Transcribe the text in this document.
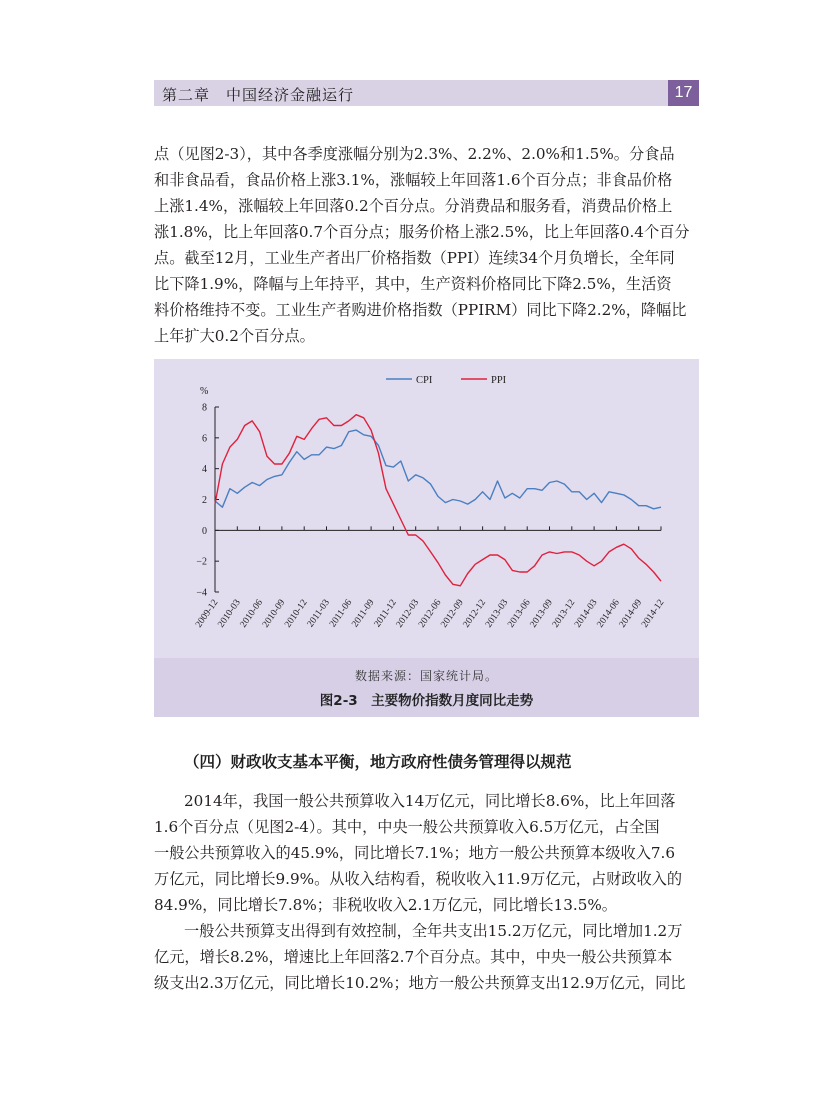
第二章　中国经济金融运行	17

点（见图2-3），其中各季度涨幅分别为2.3%、2.2%、2.0%和1.5%。分食品
和非食品看，食品价格上涨3.1%，涨幅较上年回落1.6个百分点；非食品价格
上涨1.4%，涨幅较上年回落0.2个百分点。分消费品和服务看，消费品价格上
涨1.8%，比上年回落0.7个百分点；服务价格上涨2.5%，比上年回落0.4个百分
点。截至12月，工业生产者出厂价格指数（PPI）连续34个月负增长，全年同
比下降1.9%，降幅与上年持平，其中，生产资料价格同比下降2.5%，生活资
料价格维持不变。工业生产者购进价格指数（PPIRM）同比下降2.2%，降幅比
上年扩大0.2个百分点。

CPI	PPI
%
8
6
4
2
0
−2
−4
2009-12
2010-03
2010-06
2010-09
2010-12
2011-03
2011-06
2011-09
2011-12
2012-03
2012-06
2012-09
2012-12
2013-03
2013-06
2013-09
2013-12
2014-03
2014-06
2014-09
2014-12
数据来源：国家统计局。
图2-3　主要物价指数月度同比走势
（四）财政收支基本平衡，地方政府性债务管理得以规范

2014年，我国一般公共预算收入14万亿元，同比增长8.6%，比上年回落
1.6个百分点（见图2-4）。其中，中央一般公共预算收入6.5万亿元，占全国
一般公共预算收入的45.9%，同比增长7.1%；地方一般公共预算本级收入7.6
万亿元，同比增长9.9%。从收入结构看，税收收入11.9万亿元，占财政收入的
84.9%，同比增长7.8%；非税收收入2.1万亿元，同比增长13.5%。

一般公共预算支出得到有效控制，全年共支出15.2万亿元，同比增加1.2万
亿元，增长8.2%，增速比上年回落2.7个百分点。其中，中央一般公共预算本
级支出2.3万亿元，同比增长10.2%；地方一般公共预算支出12.9万亿元，同比
